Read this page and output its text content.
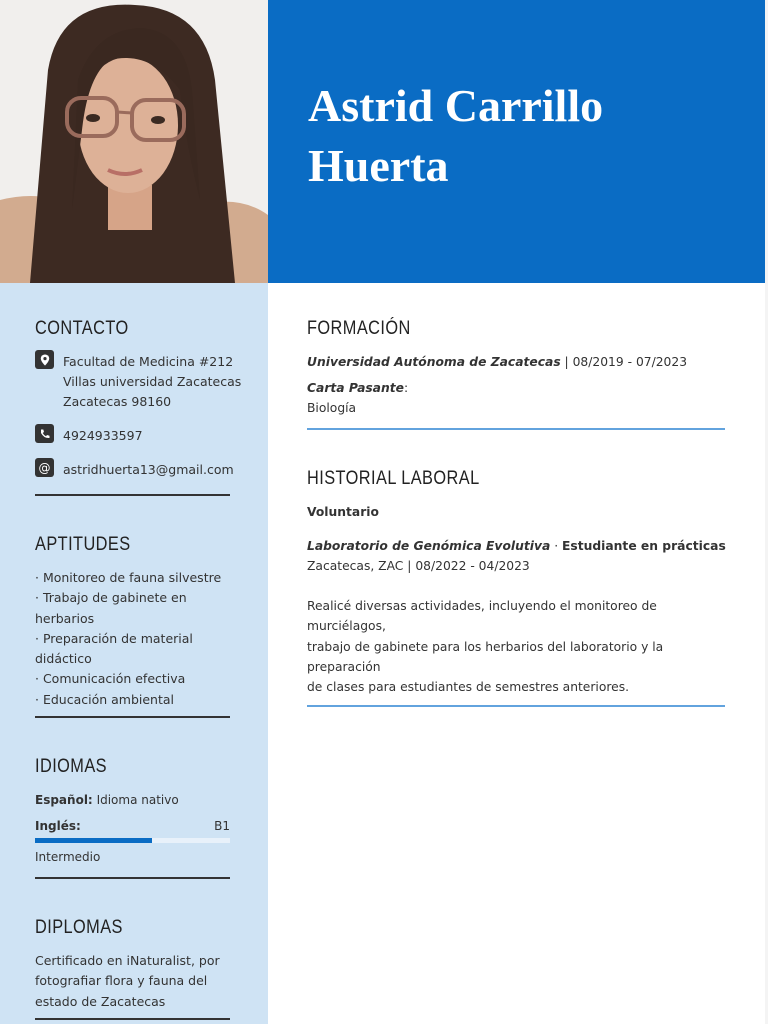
CONTACTO
Facultad de Medicina #212
Villas universidad Zacatecas
Zacatecas 98160
4924933597
@ astridhuerta13@gmail.com
APTITUDES
· Monitoreo de fauna silvestre
· Trabajo de gabinete en
herbarios
· Preparación de material
didáctico
· Comunicación efectiva
· Educación ambiental
IDIOMAS
Español: Idioma nativo
Inglés:	B1
Intermedio
DIPLOMAS
Certificado en iNaturalist, por
fotografiar flora y fauna del
estado de Zacatecas
Astrid Carrillo
Huerta
FORMACIÓN
Universidad Autónoma de Zacatecas | 08/2019 - 07/2023
Carta Pasante:
Biología
HISTORIAL LABORAL
Voluntario
Laboratorio de Genómica Evolutiva · Estudiante en prácticas
Zacatecas, ZAC | 08/2022 - 04/2023
Realicé diversas actividades, incluyendo el monitoreo de murciélagos,
trabajo de gabinete para los herbarios del laboratorio y la preparación
de clases para estudiantes de semestres anteriores.
